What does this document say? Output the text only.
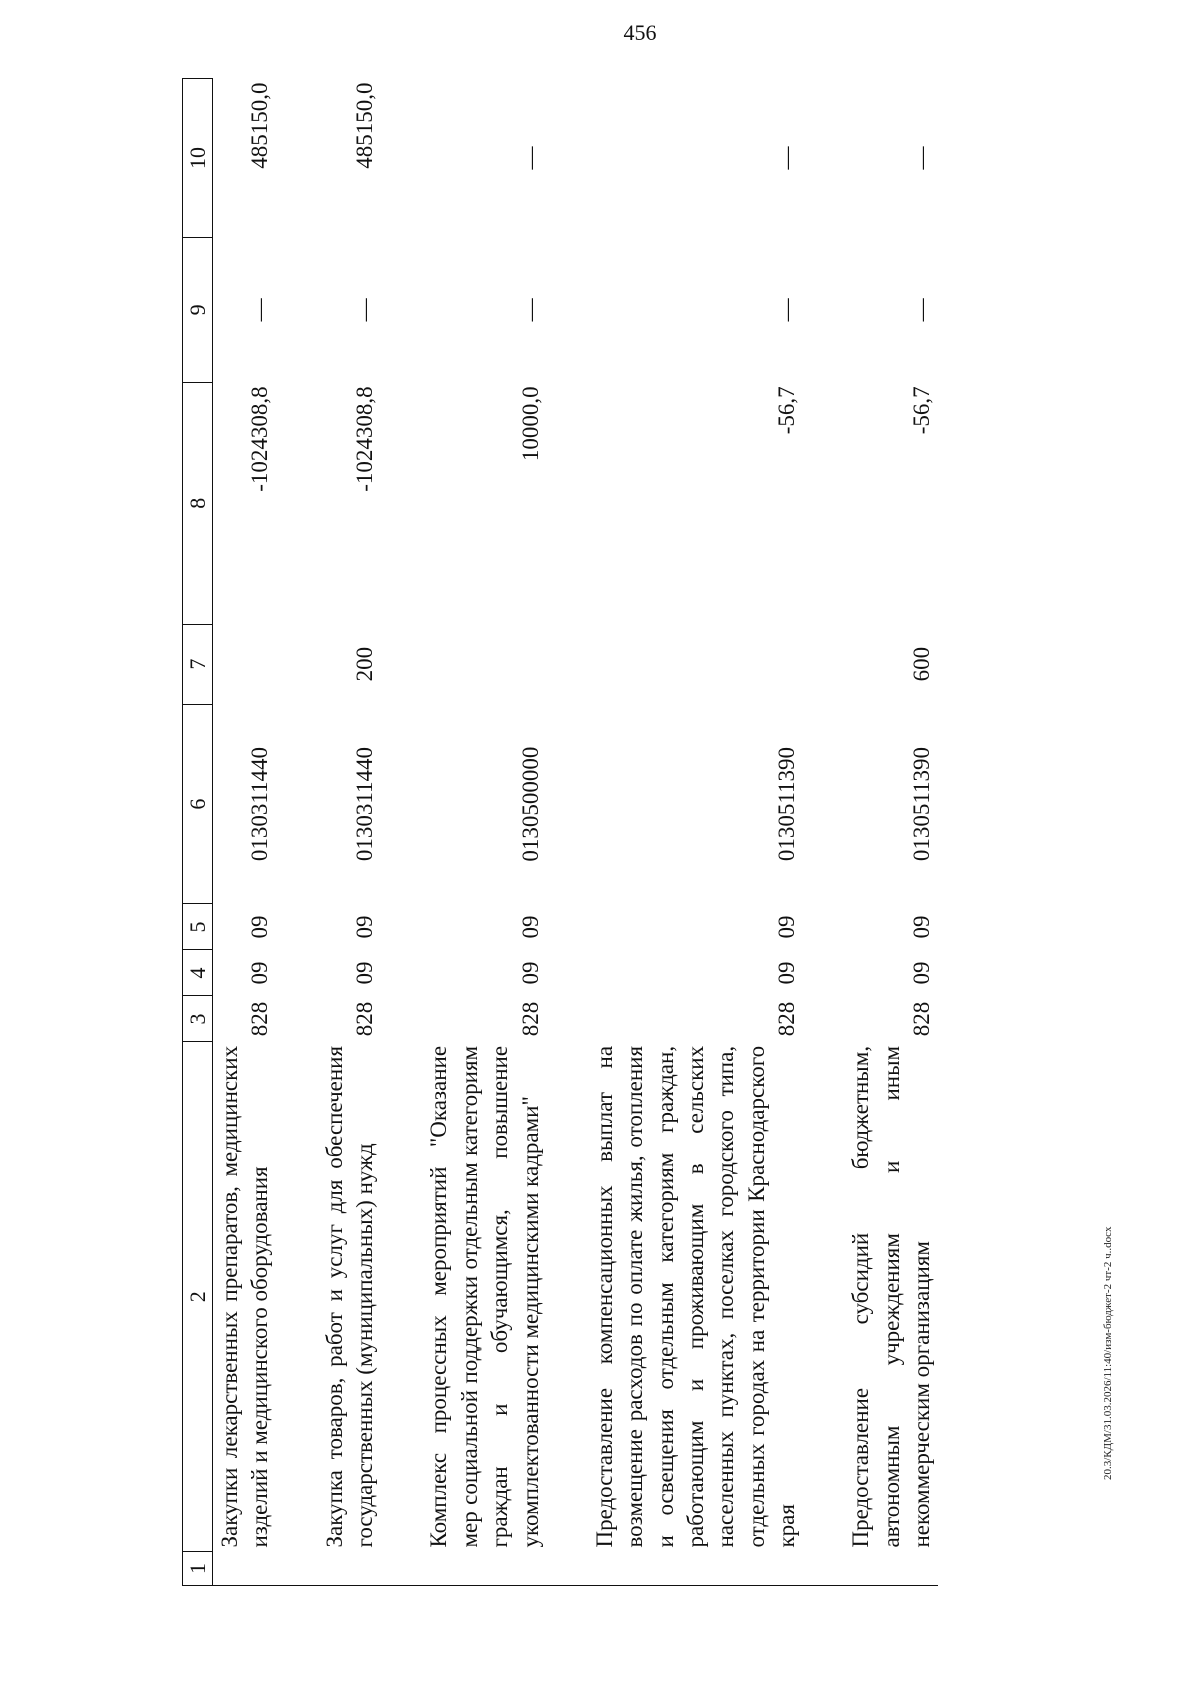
456
1	2	3	4	5	6	7	8	9	10
	Закупки лекарственных препаратов, медицинских изделий и медицинского оборудования	828	09	09	0130311440		-1024308,8	—	485150,0

	Закупка товаров, работ и услуг для обеспечения государственных (муниципальных) нужд	828	09	09	0130311440	200	-1024308,8	—	485150,0

	Комплекс процессных мероприятий "Оказание мер социальной поддержки отдельным категориям граждан и обучающимся, повышение укомплектованности медицинскими кадрами"	828	09	09	0130500000		10000,0	—	—

	Предоставление компенсационных выплат на возмещение расходов по оплате жилья, отопления и освещения отдельным категориям граждан, работающим и проживающим в сельских населенных пунктах, поселках городского типа, отдельных городах на территории Краснодарского края	828	09	09	0130511390		-56,7	—	—

	Предоставление субсидий бюджетным, автономным учреждениям и иным некоммерческим организациям	828	09	09	0130511390	600	-56,7	—	—
20.3/КДМ/31.03.2026/11:40/изм-бюджет-2 чт-2 ч..docx
